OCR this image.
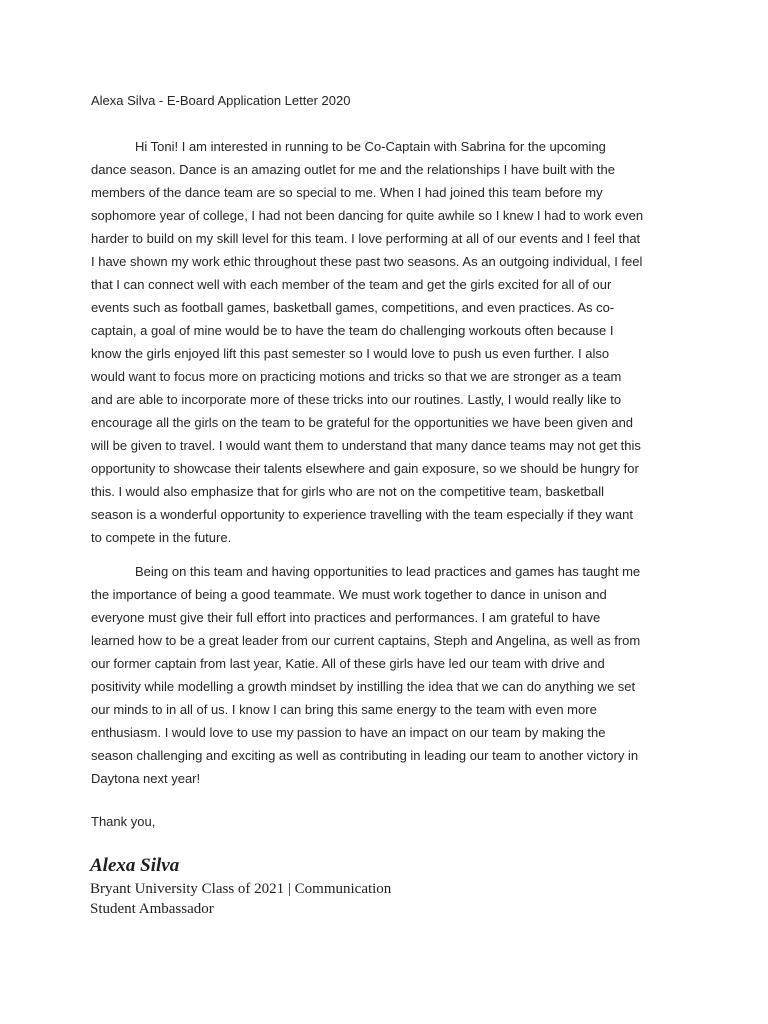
Alexa Silva - E-Board Application Letter 2020
Hi Toni! I am interested in running to be Co-Captain with Sabrina for the upcoming
dance season. Dance is an amazing outlet for me and the relationships I have built with the
members of the dance team are so special to me. When I had joined this team before my
sophomore year of college, I had not been dancing for quite awhile so I knew I had to work even
harder to build on my skill level for this team. I love performing at all of our events and I feel that
I have shown my work ethic throughout these past two seasons. As an outgoing individual, I feel
that I can connect well with each member of the team and get the girls excited for all of our
events such as football games, basketball games, competitions, and even practices. As co-
captain, a goal of mine would be to have the team do challenging workouts often because I
know the girls enjoyed lift this past semester so I would love to push us even further. I also
would want to focus more on practicing motions and tricks so that we are stronger as a team
and are able to incorporate more of these tricks into our routines. Lastly, I would really like to
encourage all the girls on the team to be grateful for the opportunities we have been given and
will be given to travel. I would want them to understand that many dance teams may not get this
opportunity to showcase their talents elsewhere and gain exposure, so we should be hungry for
this. I would also emphasize that for girls who are not on the competitive team, basketball
season is a wonderful opportunity to experience travelling with the team especially if they want
to compete in the future.
Being on this team and having opportunities to lead practices and games has taught me
the importance of being a good teammate. We must work together to dance in unison and
everyone must give their full effort into practices and performances. I am grateful to have
learned how to be a great leader from our current captains, Steph and Angelina, as well as from
our former captain from last year, Katie. All of these girls have led our team with drive and
positivity while modelling a growth mindset by instilling the idea that we can do anything we set
our minds to in all of us. I know I can bring this same energy to the team with even more
enthusiasm. I would love to use my passion to have an impact on our team by making the
season challenging and exciting as well as contributing in leading our team to another victory in
Daytona next year!
Thank you,
Alexa Silva
Bryant University Class of 2021 | Communication
Student Ambassador
